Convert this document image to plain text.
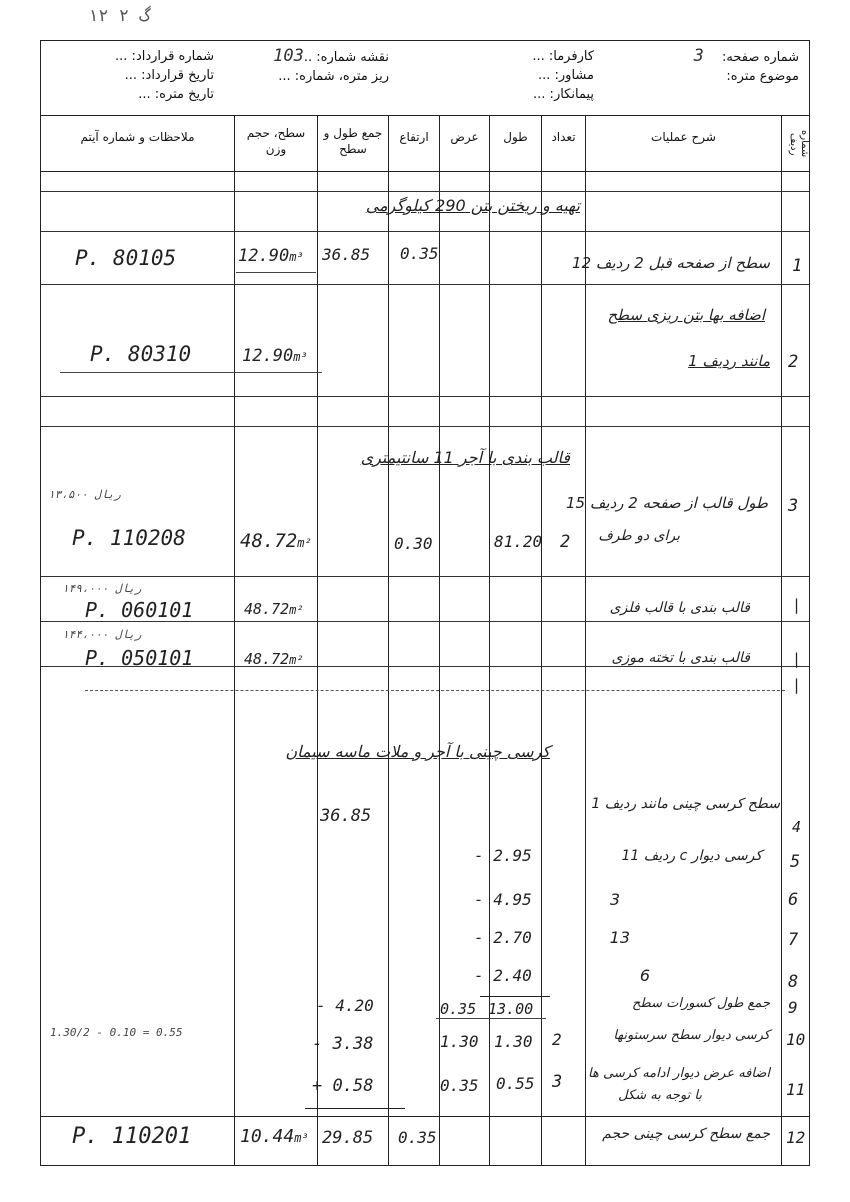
گ ۲ ۱۲
شماره صفحه: 3
موضوع متره:
کارفرما: ...
مشاور: ...
پیمانکار: ...
نقشه شماره: ..103
ریز متره، شماره: ...
شماره قرارداد: ...
تاریخ قرارداد: ...
تاریخ متره: ...
شماره ردیف
شرح عملیات
تعداد
طول
عرض
ارتفاع
جمع طول و سطح
سطح، حجم وزن
ملاحظات و شماره آیتم
تهیه و ریختن بتن 290 کیلوگرمی
1
سطح از صفحه قبل 2 ردیف 12
0.35
36.85
12.90m³
P. 80105
اضافه بها بتن ریزی سطح
2
مانند ردیف 1
12.90m³
P. 80310
قالب بندی با آجر 11 سانتیمتری
3
طول قالب از صفحه 2 ردیف 15
برای دو طرف
2
81.20
0.30
48.72m²
P. 110208
۱۳،۵۰۰ ریال
|
قالب بندی با قالب فلزی
48.72m²
P. 060101
۱۴۹،۰۰۰ ریال
|
قالب بندی با تخته موزی
48.72m²
P. 050101
۱۴۴،۰۰۰ ریال
|
کرسی چینی با آجر و ملات ماسه سیمان
4
سطح کرسی چینی مانند ردیف 1
36.85
5
کرسی دیوار c ردیف 11
- 2.95
6
3
- 4.95
7
13
- 2.70
8
6
- 2.40
9
جمع طول کسورات سطح
13.00
0.35
- 4.20
10
کرسی دیوار سطح سرستونها
2
1.30
1.30
- 3.38
1.30/2 - 0.10 = 0.55
11
اضافه عرض دیوار ادامه کرسی ها
با توجه به شکل
3
0.55
0.35
+ 0.58
12
جمع سطح کرسی چینی حجم
0.35
29.85
10.44m³
P. 110201
